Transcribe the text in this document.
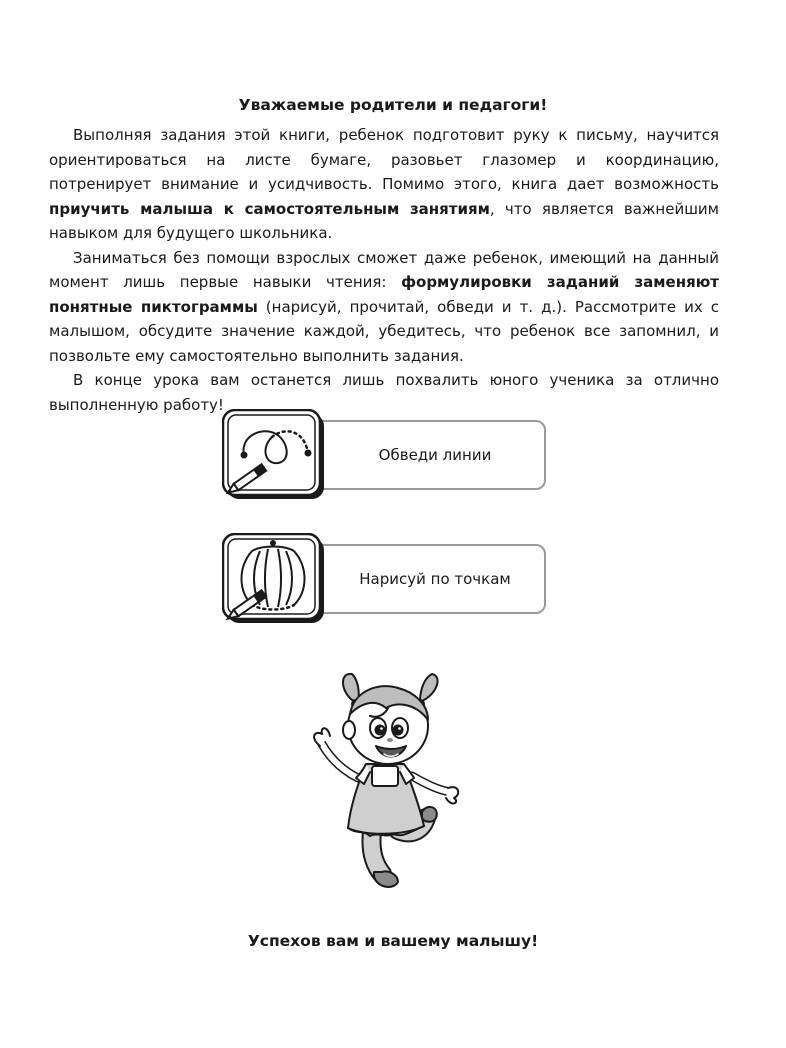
Уважаемые родители и педагоги!

Выполняя задания этой книги, ребенок подготовит руку к письму, научится ориентироваться на листе бумаге, разовьет глазомер и координацию, потренирует внимание и усидчивость. Помимо этого, книга дает возможность приучить малыша к самостоятельным занятиям, что является важнейшим навыком для будущего школьника.

Заниматься без помощи взрослых сможет даже ребенок, имеющий на данный момент лишь первые навыки чтения: формулировки заданий заменяют понятные пиктограммы (нарисуй, прочитай, обведи и т. д.). Рассмотрите их с малышом, обсудите значение каждой, убедитесь, что ребенок все запомнил, и позвольте ему самостоятельно выполнить задания.

В конце урока вам останется лишь похвалить юного ученика за отлично выполненную работу!

Обведи линии
Нарисуй по точкам
Успехов вам и вашему малышу!
